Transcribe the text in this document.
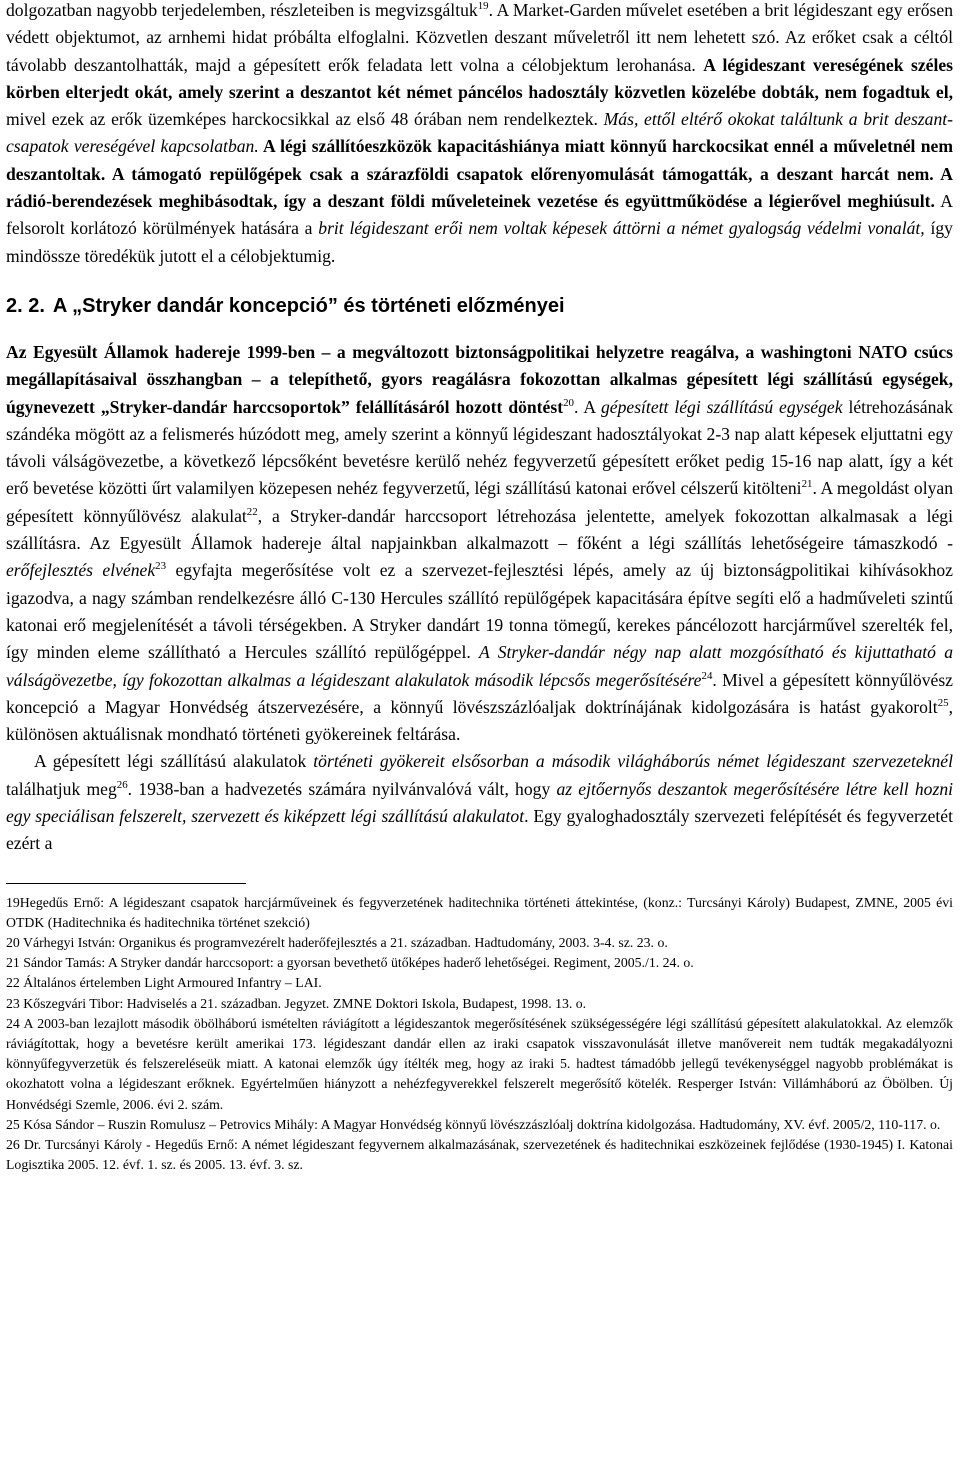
dolgozatban nagyobb terjedelemben, részleteiben is megvizsgáltuk$^{19}$. A Market-Garden művelet esetében a brit légideszant egy erősen védett objektumot, az arnhemi hidat próbálta elfoglalni. Közvetlen deszant műveletről itt nem lehetett szó. Az erőket csak a céltól távolabb deszantolhatták, majd a gépesített erők feladata lett volna a célobjektum lerohanása. A légideszant vereségének széles körben elterjedt okát, amely szerint a deszantot két német páncélos hadosztály közvetlen közelébe dobták, nem fogadtuk el, mivel ezek az erők üzemképes harckocsikkal az első 48 órában nem rendelkeztek. Más, ettől eltérő okokat találtunk a brit deszant-csapatok vereségével kapcsolatban. A légi szállítóeszközök kapacitáshiánya miatt könnyű harckocsikat ennél a műveletnél nem deszantoltak. A támogató repülőgépek csak a szárazföldi csapatok előrenyomulását támogatták, a deszant harcát nem. A rádió-berendezések meghibásodtak, így a deszant földi műveleteinek vezetése és együttműködése a légierővel meghiúsult. A felsorolt korlátozó körülmények hatására a brit légideszant erői nem voltak képesek áttörni a német gyalogság védelmi vonalát, így mindössze töredékük jutott el a célobjektumig.

2. 2. A „Stryker dandár koncepció” és történeti előzményei

Az Egyesült Államok hadereje 1999-ben – a megváltozott biztonságpolitikai helyzetre reagálva, a washingtoni NATO csúcs megállapításaival összhangban – a telepíthető, gyors reagálásra fokozottan alkalmas gépesített légi szállítású egységek, úgynevezett „Stryker-dandár harccsoportok” felállításáról hozott döntést$^{20}$. A gépesített légi szállítású egységek létrehozásának szándéka mögött az a felismerés húzódott meg, amely szerint a könnyű légideszant hadosztályokat 2-3 nap alatt képesek eljuttatni egy távoli válságövezetbe, a következő lépcsőként bevetésre kerülő nehéz fegyverzetű gépesített erőket pedig 15-16 nap alatt, így a két erő bevetése közötti űrt valamilyen közepesen nehéz fegyverzetű, légi szállítású katonai erővel célszerű kitölteni$^{21}$. A megoldást olyan gépesített könnyűlövész alakulat$^{22}$, a Stryker-dandár harccsoport létrehozása jelentette, amelyek fokozottan alkalmasak a légi szállításra. Az Egyesült Államok hadereje által napjainkban alkalmazott – főként a légi szállítás lehetőségeire támaszkodó - erőfejlesztés elvének$^{23}$ egyfajta megerősítése volt ez a szervezet-fejlesztési lépés, amely az új biztonságpolitikai kihívásokhoz igazodva, a nagy számban rendelkezésre álló C-130 Hercules szállító repülőgépek kapacitására építve segíti elő a hadműveleti szintű katonai erő megjelenítését a távoli térségekben. A Stryker dandárt 19 tonna tömegű, kerekes páncélozott harcjárművel szerelték fel, így minden eleme szállítható a Hercules szállító repülőgéppel. A Stryker-dandár négy nap alatt mozgósítható és kijuttatható a válságövezetbe, így fokozottan alkalmas a légideszant alakulatok második lépcsős megerősítésére$^{24}$. Mivel a gépesített könnyűlövész koncepció a Magyar Honvédség átszervezésére, a könnyű lövészszázlóaljak doktrínájának kidolgozására is hatást gyakorolt$^{25}$, különösen aktuálisnak mondható történeti gyökereinek feltárása.

A gépesített légi szállítású alakulatok történeti gyökereit elsősorban a második világháborús német légideszant szervezeteknél találhatjuk meg$^{26}$. 1938-ban a hadvezetés számára nyilvánvalóvá vált, hogy az ejtőernyős deszantok megerősítésére létre kell hozni egy speciálisan felszerelt, szervezett és kiképzett légi szállítású alakulatot. Egy gyaloghadosztály szervezeti felépítését és fegyverzetét ezért a

19Hegedűs Ernő: A légideszant csapatok harcjárműveinek és fegyverzetének haditechnika történeti áttekintése, (konz.: Turcsányi Károly) Budapest, ZMNE, 2005 évi OTDK (Haditechnika és haditechnika történet szekció)

20 Várhegyi István: Organikus és programvezérelt haderőfejlesztés a 21. században. Hadtudomány, 2003. 3-4. sz. 23. o.

21 Sándor Tamás: A Stryker dandár harccsoport: a gyorsan bevethető ütőképes haderő lehetőségei. Regiment, 2005./1. 24. o.

22 Általános értelemben Light Armoured Infantry – LAI.

23 Kőszegvári Tibor: Hadviselés a 21. században. Jegyzet. ZMNE Doktori Iskola, Budapest, 1998. 13. o.

24 A 2003-ban lezajlott második öbölháború ismételten ráviágított a légideszantok megerősítésének szükségességére légi szállítású gépesített alakulatokkal. Az elemzők ráviágítottak, hogy a bevetésre került amerikai 173. légideszant dandár ellen az iraki csapatok visszavonulását illetve manővereit nem tudták megakadályozni könnyűfegyverzetük és felszereléseük miatt. A katonai elemzők úgy ítélték meg, hogy az iraki 5. hadtest támadóbb jellegű tevékenységgel nagyobb problémákat is okozhatott volna a légideszant erőknek. Egyértelműen hiányzott a nehézfegyverekkel felszerelt megerősítő kötelék. Resperger István: Villámháború az Öbölben. Új Honvédségi Szemle, 2006. évi 2. szám.

25 Kósa Sándor – Ruszin Romulusz – Petrovics Mihály: A Magyar Honvédség könnyű lövészzászlóalj doktrína kidolgozása. Hadtudomány, XV. évf. 2005/2, 110-117. o.

26 Dr. Turcsányi Károly - Hegedűs Ernő: A német légideszant fegyvernem alkalmazásának, szervezetének és haditechnikai eszközeinek fejlődése (1930-1945) I. Katonai Logisztika 2005. 12. évf. 1. sz. és 2005. 13. évf. 3. sz.
